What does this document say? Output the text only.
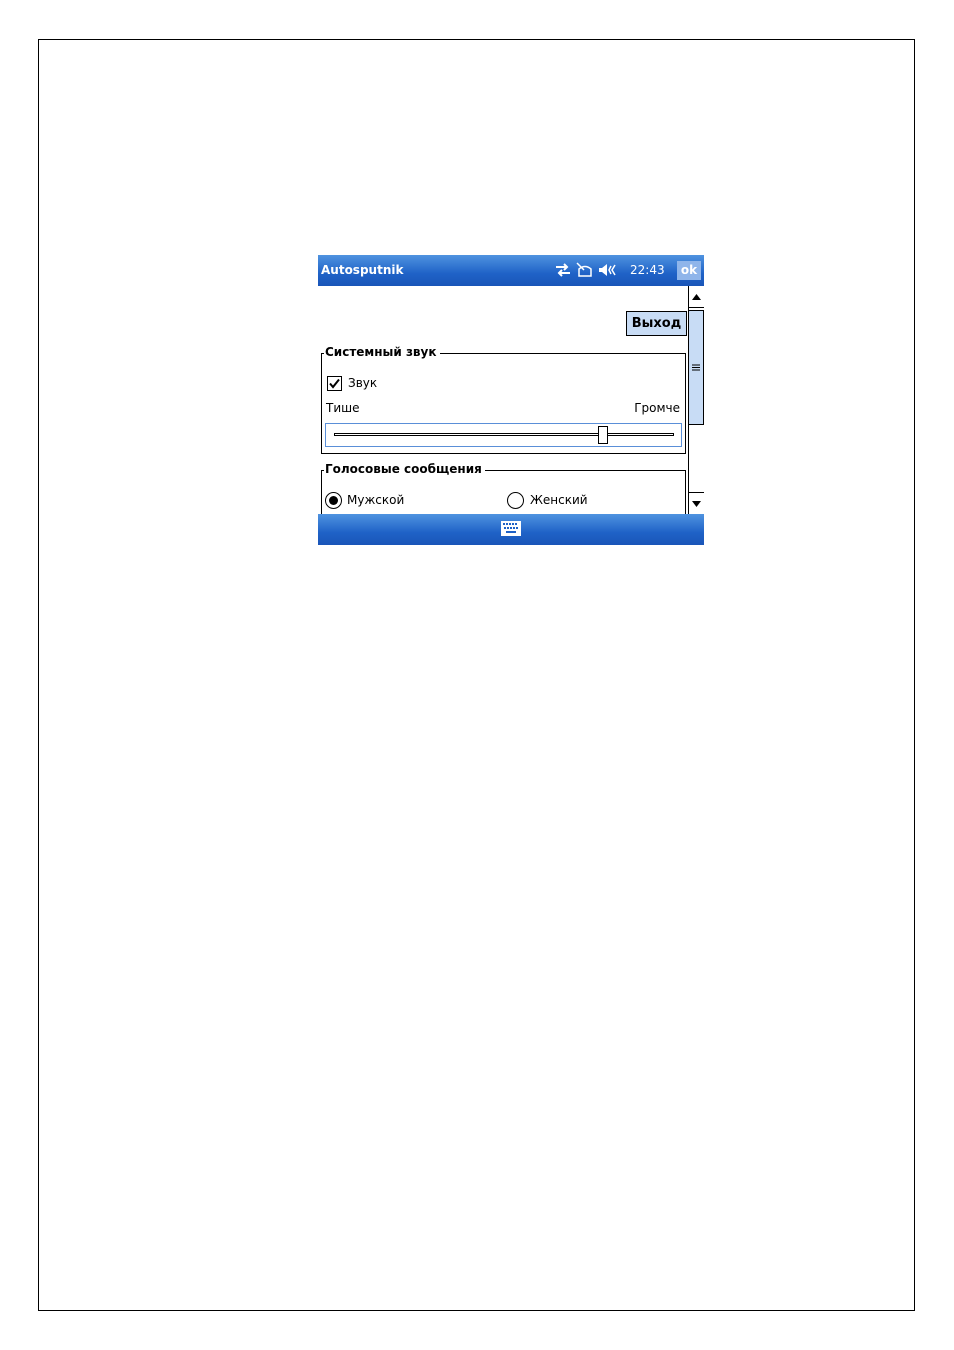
Autosputnik	22:43	ok
Выход
Системный звук
Звук
Тише	Громче
Голосовые сообщения
Мужской	Женский
